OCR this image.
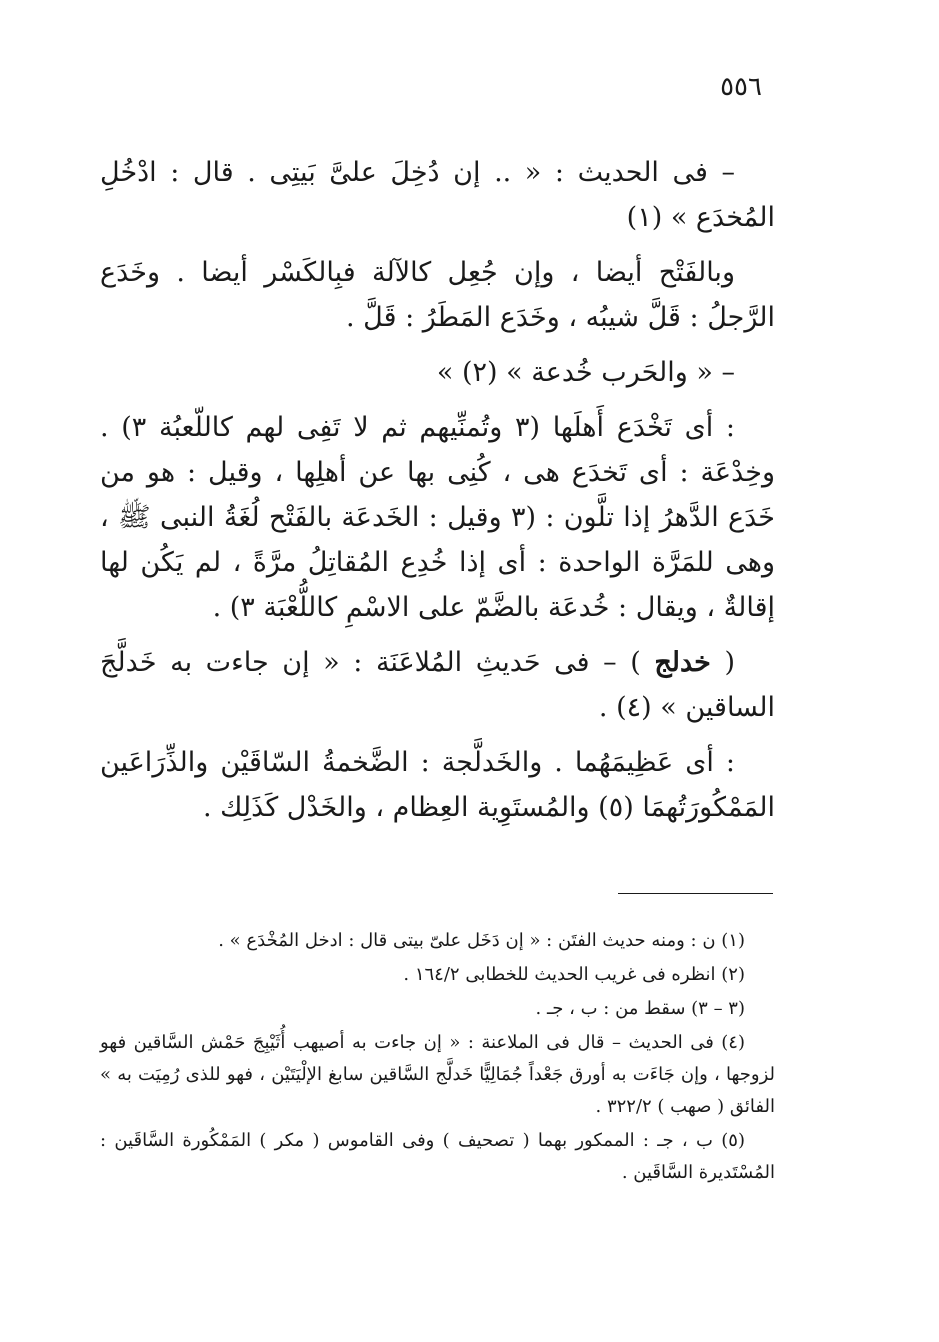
٥٥٦

– فى الحديث : « .. إن دُخِلَ علىَّ بَيتِى . قال : ادْخُلِ المُخدَع » (١)

وبالفَتْح أيضا ، وإن جُعِل كالآلة فبِالكَسْر أيضا . وخَدَع الرَّجلُ : قَلَّ شيبُه ، وخَدَع المَطَرُ : قَلَّ .

– « والحَرب خُدعة » (٢) »

: أى تَخْدَع أَهلَها (٣ وتُمنِّيهم ثم لا تَفِى لهم كاللّعبُة ٣) . وخِدْعَة : أى تَخدَع هى ، كُنِى بها عن أهلِها ، وقيل : هو من خَدَع الدَّهرُ إذا تلَّون : (٣ وقيل : الخَدعَة بالفَتْح لُغَةُ النبى ﷺ ، وهى للمَرَّة الواحدة : أى إذا خُدِع المُقاتِلُ مرَّةً ، لم يَكُن لها إقالةٌ ، ويقال : خُدعَة بالضَّمّ على الاسْمِ كاللُّعْبَة ٣) .

( خدلج ) – فى حَديثِ المُلاعَنَة : « إن جاءت به خَدلَّجَ الساقين » (٤) .

: أى عَظِيمَهُما . والخَدلَّجة : الضَّخمةُ السّاقَيْن والذِّرَاعَين المَمْكُورَتُهمَا (٥) والمُستَوِية العِظام ، والخَدْل كَذَلِك .

(١) ن : ومنه حديث الفتَن : « إن دَخَل علىّ بيتى قال : ادخل المُخْدَع » .

(٢) انظره فى غريب الحديث للخطابى ١٦٤/٢ .

(٣ – ٣) سقط من : ب ، جـ .

(٤) فى الحديث – قال فى الملاعنة : « إن جاءت به أصيهب أُثَيْبِجَ حَمْش السَّاقين فهو لزوجها ، وإن جَاءَت به أورق جَعْداً جُمَالِيًّا خَدلَّج السَّاقين سابغ الإلْيَتَيْن ، فهو للذى رُمِيَت به » الفائق ( صهب ) ٣٢٢/٢ .

(٥) ب ، جـ : الممكور بهما ( تصحيف ) وفى القاموس ( مكر ) المَمْكُورة السَّاقَين : المُسْتَديرة السَّاقَين .
